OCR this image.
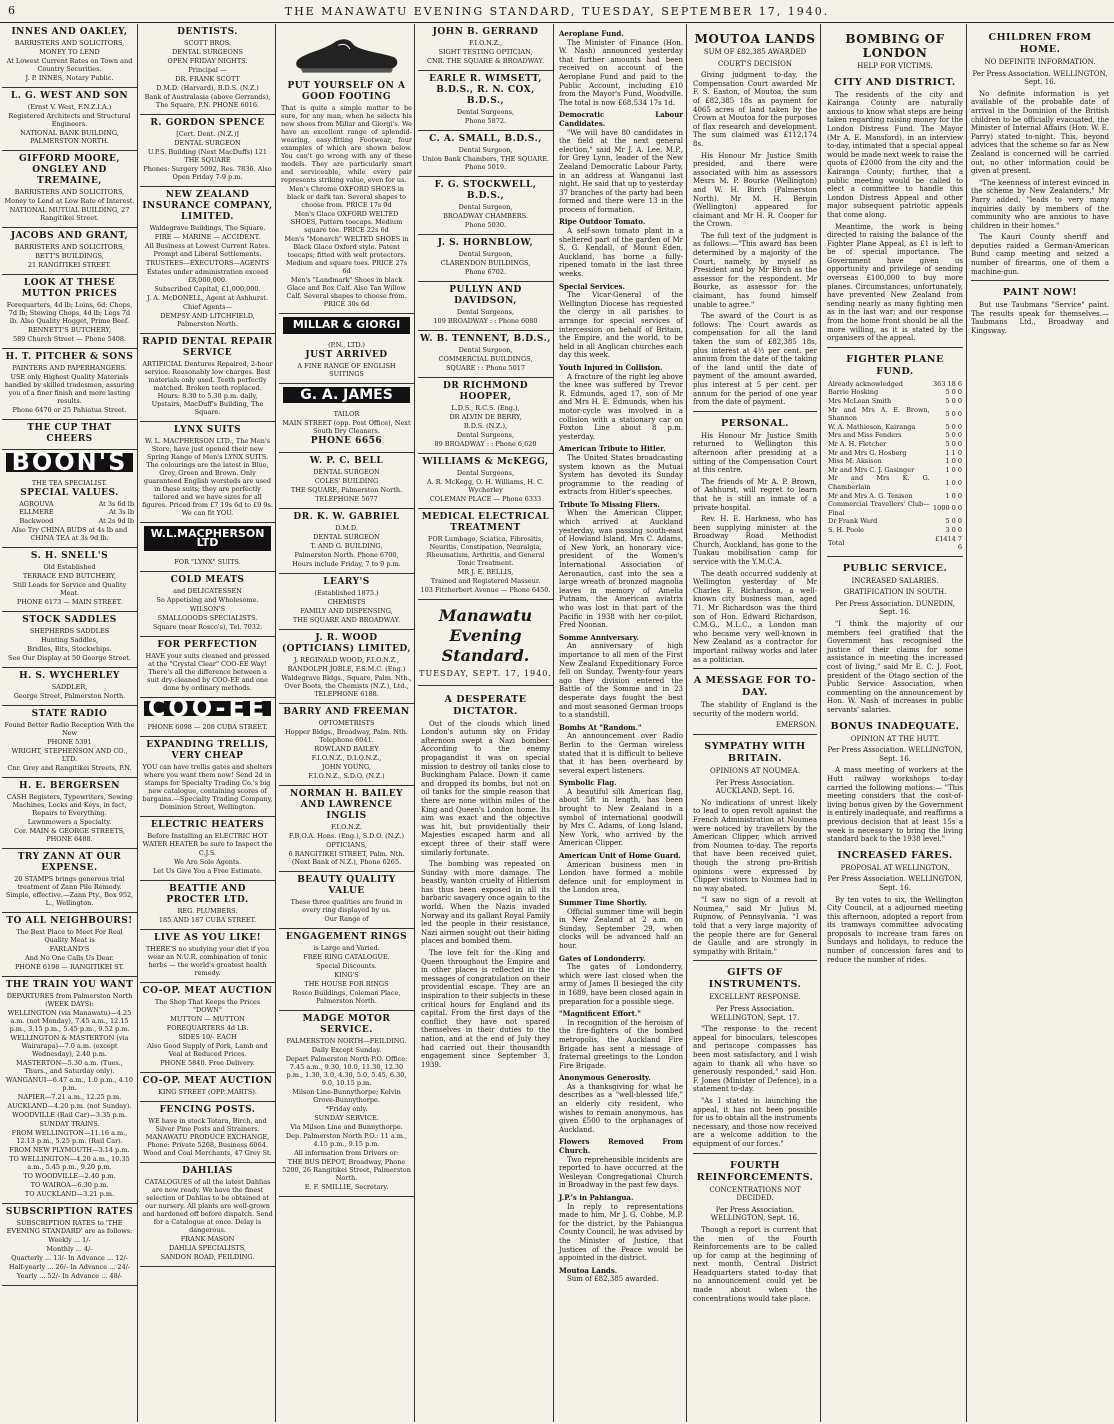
6	THE MANAWATU EVENING STANDARD, TUESDAY, SEPTEMBER 17, 1940.
INNES AND OAKLEY,

BARRISTERS AND SOLICITORS,

MONEY TO LEND

At Lowest Current Rates on Town and Country Securities.

J. P. INNES, Notary Public.

L. G. WEST AND SON

(Ernst V. West, F.N.Z.I.A.)

Registered Architects and Structural Engineers.

NATIONAL BANK BUILDING, PALMERSTON NORTH.

GIFFORD MOORE, ONGLEY AND TREMAINE,

BARRISTERS AND SOLICITORS,

Money to Lend at Low Rate of Interest.

NATIONAL MUTUAL BUILDING, 27 Rangitikei Street.

JACOBS AND GRANT,

BARRISTERS AND SOLICITORS,

BETT'S BUILDINGS,

21 RANGITIKEI STREET.

LOOK AT THESE MUTTON PRICES

Forequarters, 4d lb; Loins, 6d; Chops, 7d lb; Stewing Chops, 4d lb; Legs 7d lb. Also Quality Hogget, Prime Beef.

RENNETT'S BUTCHERY,

589 Church Street — Phone 5408.

H. T. PITCHER & SONS

PAINTERS AND PAPERHANGERS.

USE only Highest Quality Materials handled by skilled tradesmen, assuring you of a finer finish and more lasting results.

Phone 6470 or 25 Pahiatua Street.

THE CUP THAT CHEERS
BOON'S

THE TEA SPECIALIST.

SPECIAL VALUES.

AGROUVA	At 3s 6d lb
ELLMERE	At 3s lb
Backwood	At 2s 9d lb

Also Try CHINA BUDS at 4s lb and CHINA TEA at 3s 9d lb.

S. H. SNELL'S

Old Established

TERRACE END BUTCHERY,

Still Leads for Service and Quality Meat.

PHONE 6173 — MAIN STREET.

STOCK SADDLES

SHEPHERDS SADDLES

Hunting Saddles,

Bridles, Bits, Stockwhips.

See Our Display at 50 George Street.

H. S. WYCHERLEY

SADDLER,

George Street, Palmerston North.

STATE RADIO

Found Better Radio Reception With the New

PHONE 5391

WRIGHT, STEPHENSON AND CO., LTD.

Cnr. Grey and Rangitikei Streets, P.N.

H. E. BERGERSEN

CASH Registers, Typewriters, Sewing Machines, Locks and Keys, in fact, Repairs to Everything.

Lawnmowers a Specialty.

Cor. MAIN & GEORGE STREETS, PHONE 6488.

TRY ZANN AT OUR EXPENSE.

20 STAMPS brings generous trial treatment of Zann Pile Remedy. Simple, effective.—Zann Pty., Box 952, L., Wellington.

TO ALL NEIGHBOURS!

The Best Place to Meet For Real Quality Meat is

FARLAND'S

And No One Calls Us Dear.

PHONE 6198 — RANGITIKEI ST.

THE TRAIN YOU WANT

DEPARTURES from Palmerston North (WEEK DAYS):

WELLINGTON (via Manawatu)—4.25 a.m. (not Monday), 7.45 a.m., 12.15 p.m., 3.15 p.m., 5.45 p.m., 9.52 p.m.

WELLINGTON & MASTERTON (via Wairarapa)—7.0 a.m. (except Wednesday), 2.40 p.m.

MASTERTON—5.30 a.m. (Tues., Thurs., and Saturday only).

WANGANUI—6.47 a.m., 1.0 p.m., 4.10 p.m.

NAPIER—7.21 a.m., 12.25 p.m.

AUCKLAND—4.20 p.m. (not Sunday).

WOODVILLE (Rail Car)—3.35 p.m.

SUNDAY TRAINS.

FROM WELLINGTON—11.16 a.m., 12.13 p.m., 5.25 p.m. (Rail Car).

FROM NEW PLYMOUTH—3.14 p.m.

TO WELLINGTON—4.20 a.m., 10.35 a.m., 5.45 p.m., 9.20 p.m.

TO WOODVILLE—2.40 p.m.

TO WAIROA—6.30 p.m.

TO AUCKLAND—3.21 p.m.

SUBSCRIPTION RATES

SUBSCRIPTION RATES to 'THE EVENING STANDARD' are as follows:

Weekly ... 1/-

Monthly ... 4/-

Quarterly ... 13/- In Advance ... 12/-

Half-yearly ... 26/- In Advance ... 24/-

Yearly ... 52/- In Advance ... 48/-

DENTISTS.

SCOTT BROS.

DENTAL SURGEONS

OPEN FRIDAY NIGHTS.

Principal —

DR. FRANK SCOTT

D.M.D. (Harvard), B.D.S. (N.Z.)

Bank of Australasia (above Gerrands), The Square, P.N. PHONE 6016.

R. GORDON SPENCE

[Cert. Dent. (N.Z.)]

DENTAL SURGEON

U.P.S. Building (Next MacDuffs) 121 THE SQUARE

Phones: Surgery 5092, Res. 7836. Also Open Friday 7-9 p.m.

NEW ZEALAND INSURANCE COMPANY, LIMITED.

Waldegrave Buildings, The Square.

FIRE — MARINE — ACCIDENT.

All Business at Lowest Current Rates. Prompt and Liberal Settlements.

TRUSTEES—EXECUTORS—AGENTS

Estates under administration exceed £8,000,000.

Subscribed Capital, £1,000,000.

J. A. McDONELL, Agent at Ashhurst.

Chief Agents—

DEMPSY AND LITCHFIELD, Palmerston North.

RAPID DENTAL REPAIR SERVICE

ARTIFICIAL Dentures Repaired, 2-hour service. Reasonably low charges. Best materials only used. Teeth perfectly matched. Broken teeth replaced. Hours: 8.30 to 5.30 p.m. daily, Upstairs, MacDuff's Building, The Square.

LYNX SUITS

W. L. MACPHERSON LTD., The Men's Store, have just opened their new Spring Range of Men's LYNX SUITS. The colourings are the latest in Blue, Grey, Green and Brown. Only guaranteed English worsteds are used in these suits; they are perfectly tailored and we have sizes for all figures. Priced from £7 19s 6d to £9 9s. We can fit YOU.

W.L.MACPHERSON LTD

FOR "LYNX" SUITS.

COLD MEATS

and DELICATESSEN

So Appetising and Wholesome.

WILSON'S

SMALLGOODS SPECIALISTS.

Square (near Rosco's), Tel. 7032.

FOR PERFECTION

HAVE your suits cleaned and pressed at the "Crystal Clear" COO-EE Way! There's all the difference between a suit dry-cleaned by COO-EE and one done by ordinary methods.

COO-EE

PHONE 6098 — 208 CUBA STREET.

EXPANDING TRELLIS, VERY CHEAP

YOU can have trellis gates and shelters where you want them now! Send 2d in stamps for Specialty Trading Co.'s big new catalogue, containing scores of bargains.—Specialty Trading Company, Dominion Street, Wellington.

ELECTRIC HEATERS

Before Installing an ELECTRIC HOT WATER HEATER be sure to Inspect the

C.J.S.

We Are Sole Agents.

Let Us Give You a Free Estimate.

BEATTIE AND PROCTER LTD.

REG. PLUMBERS.

185 AND 187 CUBA STREET.

LIVE AS YOU LIKE!

THERE'S no studying your diet if you wear an N.U.R. combination of tonic herbs — the world's greatest health remedy.

CO-OP. MEAT AUCTION

The Shop That Keeps the Prices "DOWN"

MUTTON — MUTTON

FOREQUARTERS 4d LB.

SIDES 10/- EACH

Also Good Supply of Pork, Lamb and Veal at Reduced Prices.

PHONE 5840. Free Delivery.

CO-OP. MEAT AUCTION

KING STREET (OPP. MARTS).

FENCING POSTS.

WE have in stock Totara, Birch, and Silver Pine Posts and Strainers. MANAWATU PRODUCE EXCHANGE, Phone: Private 5268, Business 6064. Wood and Coal Merchants, 47 Grey St.

DAHLIAS

CATALOGUES of all the latest Dahlias are now ready. We have the finest selection of Dahlias to be obtained at our nursery. All plants are well-grown and hardened off before dispatch. Send for a Catalogue at once. Delay is dangerous.

FRANK MASON

DAHLIA SPECIALISTS,

SANDON ROAD, FEILDING.

PUT YOURSELF ON A GOOD FOOTING

That is quite a simple matter to be sure, for any man, when he selects his new shoes from Millar and Giorgi's. We have an excellent range of splendid-wearing, easy-fitting Footwear, four examples of which are shown below. You can't go wrong with any of these models. They are particularly smart and serviceable, while every pair represents striking value, even for us.

Men's Chrome OXFORD SHOES in black or dark tan. Several shapes to choose from. PRICE 17s 9d

Men's Glace OXFORD WELTED SHOES, Pattern toecaps. Medium square toe. PRICE 22s 6d

Men's "Monarch" WELTED SHOES in Black Glace Oxford style. Patent toecaps; fitted with welt protectors. Medium and square toes. PRICE 27s 6d

Men's "Landmark" Shoes in black Glace and Box Calf. Also Tan Willow Calf. Several shapes to choose from. PRICE 30s 6d

MILLAR & GIORGI

(P.N., LTD.)

JUST ARRIVED

A FINE RANGE OF ENGLISH SUITINGS

G. A. JAMES

TAILOR

MAIN STREET (opp. Post Office), Next South Dry Cleaners.

PHONE 6656

W. P. C. BELL

DENTAL SURGEON

COLES' BUILDING

THE SQUARE, Palmerston North.

TELEPHONE 5677

DR. K. W. GABRIEL

D.M.D.

DENTAL SURGEON

T. AND G. BUILDING,

Palmerston North. Phone 6700,

Hours include Friday, 7 to 9 p.m.

LEARY'S

(Established 1875.)

CHEMISTS

FAMILY AND DISPENSING,

THE SQUARE AND BROADWAY.

J. R. WOOD (OPTICIANS) LIMITED,

J. REGINALD WOOD, F.I.O.N.Z.,

RANDOLPH JOBLE, F.S.M.C. (Eng.)

Waldegrave Bldgs., Square, Palm. Nth., Over Boots, the Chemists (N.Z.), Ltd., TELEPHONE 6188.

BARRY AND FREEMAN

OPTOMETRISTS

Hopper Bldgs., Broadway, Palm. Nth. Telephone 6041.

ROWLAND BAILEY

F.I.O.N.Z., D.I.O.N.Z.,

JOHN YOUNG,

F.I.O.N.Z., S.D.O. (N.Z.)

NORMAN H. BAILEY AND LAWRENCE INGLIS

F.I.O.N.Z.

F.B.O.A. Hons. (Eng.), S.D.O. (N.Z.)

OPTICIANS,

6 RANGITIKEI STREET, Palm. Nth. (Next Bank of N.Z.), Phone 6265.

BEAUTY QUALITY VALUE

These three qualities are found in every ring displayed by us.

Our Range of

ENGAGEMENT RINGS

is Large and Varied.

FREE RING CATALOGUE.

Special Discounts.

KING'S

THE HOUSE FOR RINGS

Rosco Buildings, Coleman Place, Palmerston North.

MADGE MOTOR SERVICE.

PALMERSTON NORTH—FEILDING.

Daily Except Sunday.

Depart Palmerston North P.O. Office: 7.45 a.m., 9.30, 10.0, 11.30, 12.30 p.m., 1.30, 3.0, 4.30, 5.0, 5.45, 6.30, 9.0, 10.15 p.m.

Milson Line-Bunnythorpe; Kelvin Grove-Bunnythorpe.

*Friday only.

SUNDAY SERVICE.

Via Milson Line and Bunnythorpe.

Dep. Palmerston North P.O.: 11 a.m., 4.15 p.m., 9.15 p.m.

All information from Drivers or:

THE BUS DEPOT, Broadway, Phone 5200, 26 Rangitikei Street, Palmerston North.

E. F. SMILLIE, Secretary.

JOHN B. GERRAND

F.I.O.N.Z.,

SIGHT TESTING OPTICIAN,

CNR. THE SQUARE & BROADWAY.

EARLE R. WIMSETT, B.D.S., R. N. COX, B.D.S.,

Dental Surgeons,

Phone 5872.

C. A. SMALL, B.D.S.,

Dental Surgeon,

Union Bank Chambers, THE SQUARE. Phone 5019.

F. G. STOCKWELL, B.D.S.,

Dental Surgeon,

BROADWAY CHAMBERS.

Phone 5030.

J. S. HORNBLOW,

Dental Surgeon,

CLARENDON BUILDINGS,

Phone 6702.

PULLYN AND DAVIDSON,

Dental Surgeons,

109 BROADWAY : : Phone 6080

W. B. TENNENT, B.D.S.,

Dental Surgeon,

COMMERCIAL BUILDINGS,

SQUARE : : Phone 5017

DR RICHMOND HOOPER,

L.D.S., R.C.S. (Eng.),

DR ALVIN DE BERRY,

B.D.S. (N.Z.),

Dental Surgeons,

89 BROADWAY : : Phone 6,620

WILLIAMS & McKEGG,

Dental Surgeons,

A. R. McKegg, O. H. Williams, H. C. Wycherley

COLEMAN PLACE — Phone 6333

MEDICAL ELECTRICAL TREATMENT

FOR Lumbago, Sciatica, Fibrositis, Neuritis, Constipation, Neuralgia, Rheumatism, Arthritis, and General Tonic Treatment.

MR J. E. BELLIS,

Trained and Registered Masseur.

103 Fitzherbert Avenue — Phone 6450.

Manawatu Evening Standard.
TUESDAY, SEPT. 17, 1940.
A DESPERATE DICTATOR.

Out of the clouds which lined London's autumn sky on Friday afternoon swept a Nazi bomber. According to the enemy propagandist it was on special mission to destroy oil tanks close to Buckingham Palace. Down it came and dropped its bombs, but not on oil tanks for the simple reason that there are none within miles of the King and Queen's London home. Its aim was exact and the objective was hit, but providentially their Majesties escaped harm and all except three of their staff were similarly fortunate.

The bombing was repeated on Sunday with more damage. The beastly, wanton cruelty of Hitlerism has thus been exposed in all its barbaric savagery once again to the world. When the Nazis invaded Norway and its gallant Royal Family led the people in their resistance, Nazi airmen sought out their hiding places and bombed them.

The love felt for the King and Queen throughout the Empire and in other places is reflected in the messages of congratulation on their providential escape. They are an inspiration to their subjects in these critical hours for England and its capital. From the first days of the conflict they have not spared themselves in their duties to the nation, and at the end of July they had carried out their thousandth engagement since September 3, 1939.

Aeroplane Fund.

The Minister of Finance (Hon. W. Nash) announced yesterday that further amounts had been received on account of the Aeroplane Fund and paid to the Public Account, including £10 from the Mayor's Fund, Woodville. The total is now £68,534 17s 1d.

Democratic Labour Candidates.

"We will have 80 candidates in the field at the next general election," said Mr J. A. Lee, M.P., for Grey Lynn, leader of the New Zealand Democratic Labour Party, in an address at Wanganui last night. He said that up to yesterday 37 branches of the party had been formed and there were 13 in the process of formation.

Ripe Outdoor Tomato.

A self-sown tomato plant in a sheltered part of the garden of Mr S. G. Kendall, of Mount Eden, Auckland, has borne a fully-ripened tomato in the last three weeks.

Special Services.

The Vicar-General of the Wellington Diocese has requested the clergy in all parishes to arrange for special services of intercession on behalf of Britain, the Empire, and the world, to be held in all Anglican churches each day this week.

Youth Injured in Collision.

A fracture of the right leg above the knee was suffered by Trevor R. Edmunds, aged 17, son of Mr and Mrs H. E. Edmunds, when his motor-cycle was involved in a collision with a stationary car on Foxton Line about 8 p.m. yesterday.

American Tribute to Hitler.

The United States broadcasting system known as the Mutual System has devoted its Sunday programme to the reading of extracts from Hitler's speeches.

Tribute To Missing Fliers.

When the American Clipper, which arrived at Auckland yesterday, was passing south-east of Howland Island, Mrs C. Adams, of New York, an honorary vice-president of the Women's International Association of Aeronautics, cast into the sea a large wreath of bronzed magnolia leaves in memory of Amelia Putnam, the American aviatrix who was lost in that part of the Pacific in 1938 with her co-pilot, Fred Noonan.

Somme Anniversary.

An anniversary of high importance to all men of the First New Zealand Expeditionary Force fell on Sunday. Twenty-four years ago they division entered the Battle of the Somme and in 23 desperate days fought the best and most seasoned German troops to a standstill.

Bombs At "Random."

An announcement over Radio Berlin to the German wireless stated that it is difficult to believe that it has been overheard by several expert listeners.

Symbolic Flag.

A beautiful silk American flag, about 5ft in length, has been brought to New Zealand in a symbol of international goodwill by Mrs C. Adams, of Long Island, New York, who arrived by the American Clipper.

American Unit of Home Guard.

American business men in London have formed a mobile defence unit for employment in the London area.

Summer Time Shortly.

Official summer time will begin in New Zealand at 2 a.m. on Sunday, September 29, when clocks will be advanced half an hour.

Gates of Londonderry.

The gates of Londonderry, which were last closed when the army of James II besieged the city in 1689, have been closed again in preparation for a possible siege.

"Magnificent Effort."

In recognition of the heroism of the fire-fighters of the bombed metropolis, the Auckland Fire Brigade has sent a message of fraternal greetings to the London Fire Brigade.

Anonymous Generosity.

As a thanksgiving for what he describes as a "well-blessed life," an elderly city resident, who wishes to remain anonymous, has given £500 to the orphanages of Auckland.

Flowers Removed From Church.

Two reprehensible incidents are reported to have occurred at the Wesleyan Congregational Church in Broadway in the past few days.

J.P.'s in Pahiangua.

In reply to representations made to him, Mr J. G. Cobbe, M.P. for the district, by the Pahiangua County Council, he was advised by the Minister of Justice, that Justices of the Peace would be appointed in the district.

Moutoa Lands.

Sum of £82,385 awarded.

MOUTOA LANDS
SUM OF £82,385 AWARDED
COURT'S DECISION

Giving judgment to-day, the Compensation Court awarded Mr F. S. Easton, of Moutoa, the sum of £82,385 18s as payment for 4065 acres of land taken by the Crown at Moutoa for the purposes of flax research and development. The sum claimed was £112,174 8s.

His Honour Mr Justice Smith presided, and there were associated with him as assessors Mesrs M. P. Bourke (Wellington) and W. H. Birch (Palmerston North). Mr M. H. Bergin (Wellington) appeared for claimant and Mr H. R. Cooper for the Crown.

The full text of the judgment is as follows:—"This award has been determined by a majority of the Court, namely, by myself as President and by Mr Birch as the assessor for the respondent. Mr Bourke, as assessor for the claimant, has found himself unable to agree."

The award of the Court is as follows: The Court awards as compensation for all the land taken the sum of £82,385 18s, plus interest at 4½ per cent. per annum from the date of the taking of the land until the date of payment of the amount awarded, plus interest at 5 per cent. per annum for the period of one year from the date of payment.

PERSONAL.

His Honour Mr Justice Smith returned to Wellington this afternoon after presiding at a sitting of the Compensation Court at this centre.

The friends of Mr A. P. Brown, of Ashhurst, will regret to learn that he is still an inmate of a private hospital.

Rev. H. E. Harkness, who has been supplying minister at the Broadway Road Methodist Church, Auckland, has gone to the Tuakau mobilisation camp for service with the Y.M.C.A.

The death occurred suddenly at Wellington yesterday of Mr Charles E. Richardson, a well-known city business man, aged 71. Mr Richardson was the third son of Hon. Edward Richardson, C.M.G., M.L.C., a London man who became very well-known in New Zealand as a contractor for important railway works and later as a politician.

A MESSAGE FOR TO-DAY.

The stability of England is the security of the modern world.

EMERSON.

SYMPATHY WITH BRITAIN.
OPINIONS AT NOUMEA.
Per Press Association. AUCKLAND, Sept. 16.

No indications of unrest likely to lead to open revolt against the French Administration at Noumea were noticed by travellers by the American Clipper, which arrived from Noumea to-day. The reports that have been received quiet, though the strong pro-British opinions were expressed by Clipper visitors to Noumea had in no way abated.

"I saw no sign of a revolt at Noumea," said Mr Julius M. Rupnow, of Pennsylvania. "I was told that a very large majority of the people there are for General de Gaulle and are strongly in sympathy with Britain."

GIFTS OF INSTRUMENTS.
EXCELLENT RESPONSE.
Per Press Association. WELLINGTON, Sept. 17.

"The response to the recent appeal for binoculars, telescopes and periscope compasses has been most satisfactory, and I wish again to thank all who have so generously responded," said Hon. F. Jones (Minister of Defence), in a statement to-day.

"As I stated in launching the appeal, it has not been possible for us to obtain all the instruments necessary, and those now received are a welcome addition to the equipment of our forces."

FOURTH REINFORCEMENTS.
CONCENTRATIONS NOT DECIDED.
Per Press Association. WELLINGTON, Sept. 16.

Though a report is current that the men of the Fourth Reinforcements are to be called up for camp at the beginning of next month, Central District Headquarters stated to-day that no announcement could yet be made about when the concentrations would take place.

BOMBING OF LONDON
HELP FOR VICTIMS.
CITY AND DISTRICT.

The residents of the city and Kairanga County are naturally anxious to know what steps are being taken regarding raising money for the London Distress Fund. The Mayor (Mr A. E. Mansford), in an interview to-day, intimated that a special appeal would be made next week to raise the quota of £2000 from the city and the Kairanga County; further, that a public meeting would be called to elect a committee to handle this London Distress Appeal and other major subsequent patriotic appeals that come along.

Meantime, the work is being directed to raising the balance of the Fighter Plane Appeal, as £1 is left to be of special importance. The Government have given us opportunity and privilege of sending overseas £100,000 to buy more planes. Circumstances, unfortunately, have prevented New Zealand from sending nearly as many fighting men as in the last war; and our response from the home front should be all the more willing, as it is stated by the organisers of the appeal.

FIGHTER PLANE FUND.
Already acknowledged	363 18 6
Barrie Hosking	5 0 0
Mrs McLean Smith	5 0 0
Mr and Mrs A. E. Brown, Shannon	5 0 0
W. A. Mathieson, Kairanga	5 0 0
Mrs and Miss Fenders	5 0 0
Mr A. H. Fletcher	5 0 0
Mr and Mrs G. Hosberg	1 1 0
Miss M. Aksison	1 0 0
Mr and Mrs C. J. Gasinger	1 0 0
Mr and Mrs K. G. Chamberlain	1 0 0
Mr and Mrs A. G. Tenison	1 0 0
Commercial Travellers' Club—Final	1000 0 0
Dr Frank Ward	5 0 0
S. H. Poole	3 0 0
Total	£1414 7 6
PUBLIC SERVICE.
INCREASED SALARIES.
GRATIFICATION IN SOUTH.
Per Press Association. DUNEDIN, Sept. 16.

"I think the majority of our members feel gratified that the Government has recognised the justice of their claims for some assistance in meeting the increased cost of living," said Mr E. C. J. Foot, president of the Otago section of the Public Service Association, when commenting on the announcement by Hon. W. Nash of increases in public servants' salaries.

BONUS INADEQUATE.
OPINION AT THE HUTT.
Per Press Association. WELLINGTON, Sept. 16.

A mass meeting of workers at the Hutt railway workshops to-day carried the following motions:— "This meeting considers that the cost-of-living bonus given by the Government is entirely inadequate, and reaffirms a previous decision that at least 15s a week is necessary to bring the living standard back to the 1938 level."

INCREASED FARES.
PROPOSAL AT WELLINGTON.
Per Press Association. WELLINGTON, Sept. 16.

By ten votes to six, the Wellington City Council, at a adjourned meeting this afternoon, adopted a report from its tramways committee advocating proposals to increase tram fares on Sundays and holidays, to reduce the number of concession fares and to reduce the number of rides.

CHILDREN FROM HOME.
NO DEFINITE INFORMATION.
Per Press Association. WELLINGTON, Sept. 16.

No definite information is yet available of the probable date of arrival in the Dominion of the British children to be officially evacuated, the Minister of Internal Affairs (Hon. W. E. Parry) stated to-night. This, beyond advices that the scheme so far as New Zealand is concerned will be carried out, no other information could be given at present.

"The keenness of interest evinced in the scheme by New Zealanders," Mr Parry added, "leads to very many inquiries daily by members of the community who are anxious to have children in their homes."

The Kauri County sheriff and deputies raided a German-American Bund camp meeting and seized a number of firearms, one of them a machine-gun.

PAINT NOW!

But use Taubmans "Service" paint. The results speak for themselves.—Taubmans Ltd., Broadway and Kingsway.
